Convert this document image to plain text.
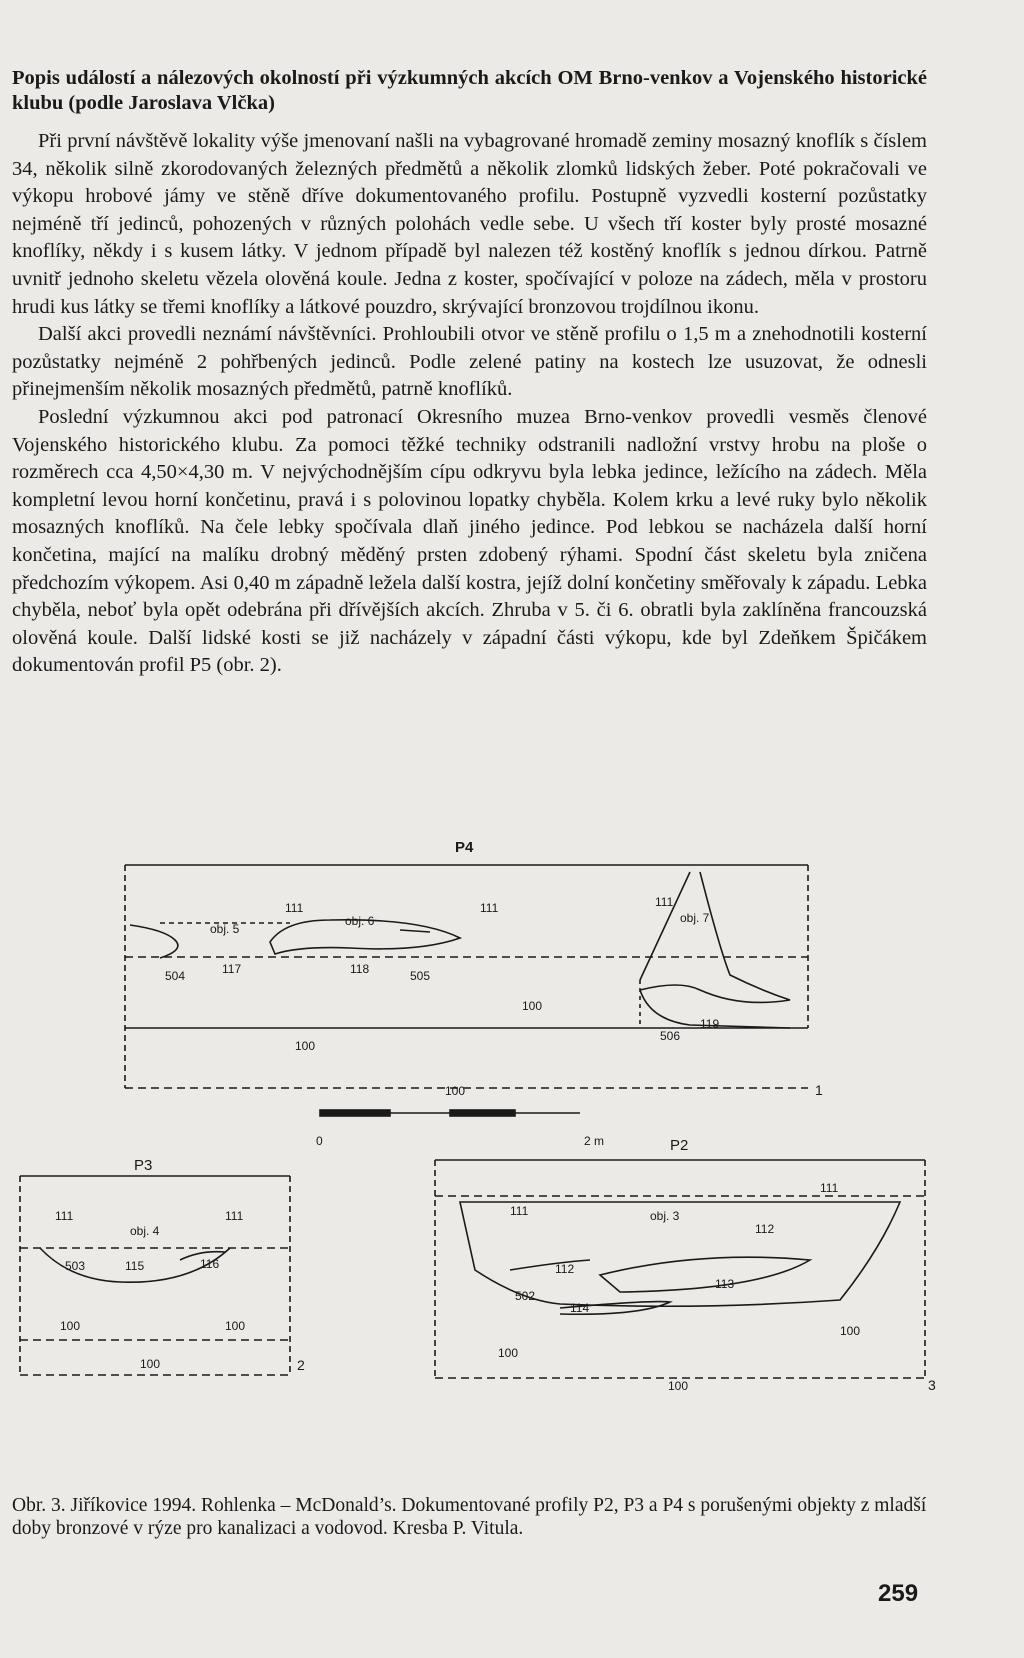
Popis událostí a nálezových okolností při výzkumných akcích OM Brno-venkov a Vojenského historické klubu (podle Jaroslava Vlčka)

Při první návštěvě lokality výše jmenovaní našli na vybagrované hromadě zeminy mosazný knoflík s číslem 34, několik silně zkorodovaných železných předmětů a několik zlomků lidských žeber. Poté pokračovali ve výkopu hrobové jámy ve stěně dříve dokumentovaného profilu. Postupně vyzvedli kosterní pozůstatky nejméně tří jedinců, pohozených v různých polohách vedle sebe. U všech tří koster byly prosté mosazné knoflíky, někdy i s kusem látky. V jednom případě byl nalezen též kostěný knoflík s jednou dírkou. Patrně uvnitř jednoho skeletu vězela olověná koule. Jedna z koster, spočívající v poloze na zádech, měla v prostoru hrudi kus látky se třemi knoflíky a látkové pouzdro, skrývající bronzovou trojdílnou ikonu.

Další akci provedli neznámí návštěvníci. Prohloubili otvor ve stěně profilu o 1,5 m a znehodnotili kosterní pozůstatky nejméně 2 pohřbených jedinců. Podle zelené patiny na kostech lze usuzovat, že odnesli přinejmenším několik mosazných předmětů, patrně knoflíků.

Poslední výzkumnou akci pod patronací Okresního muzea Brno-venkov provedli vesměs členové Vojenského historického klubu. Za pomoci těžké techniky odstranili nadložní vrstvy hrobu na ploše o rozměrech cca 4,50×4,30 m. V nejvýchodnějším cípu odkryvu byla lebka jedince, ležícího na zádech. Měla kompletní levou horní končetinu, pravá i s polovinou lopatky chyběla. Kolem krku a levé ruky bylo několik mosazných knoflíků. Na čele lebky spočívala dlaň jiného jedince. Pod lebkou se nacházela další horní končetina, mající na malíku drobný měděný prsten zdobený rýhami. Spodní část skeletu byla zničena předchozím výkopem. Asi 0,40 m západně ležela další kostra, jejíž dolní končetiny směřovaly k západu. Lebka chyběla, neboť byla opět odebrána při dřívějších akcích. Zhruba v 5. či 6. obratli byla zaklíněna francouzská olověná koule. Další lidské kosti se již nacházely v západní části výkopu, kde byl Zdeňkem Špičákem dokumentován profil P5 (obr. 2).

P4
obj. 5
obj. 6	obj. 7
504	505
506
117	118
119
111	111	111
100
100
100	1
0	2 m
P3
obj. 4
503	115	116
111	111
100	100
100	2
P2
obj. 3
502
112
112
113
114
111
111
100
100
100	3

Obr. 3. Jiříkovice 1994. Rohlenka – McDonald’s. Dokumentované profily P2, P3 a P4 s porušenými objekty z mladší doby bronzové v rýze pro kanalizaci a vodovod. Kresba P. Vitula.

259
